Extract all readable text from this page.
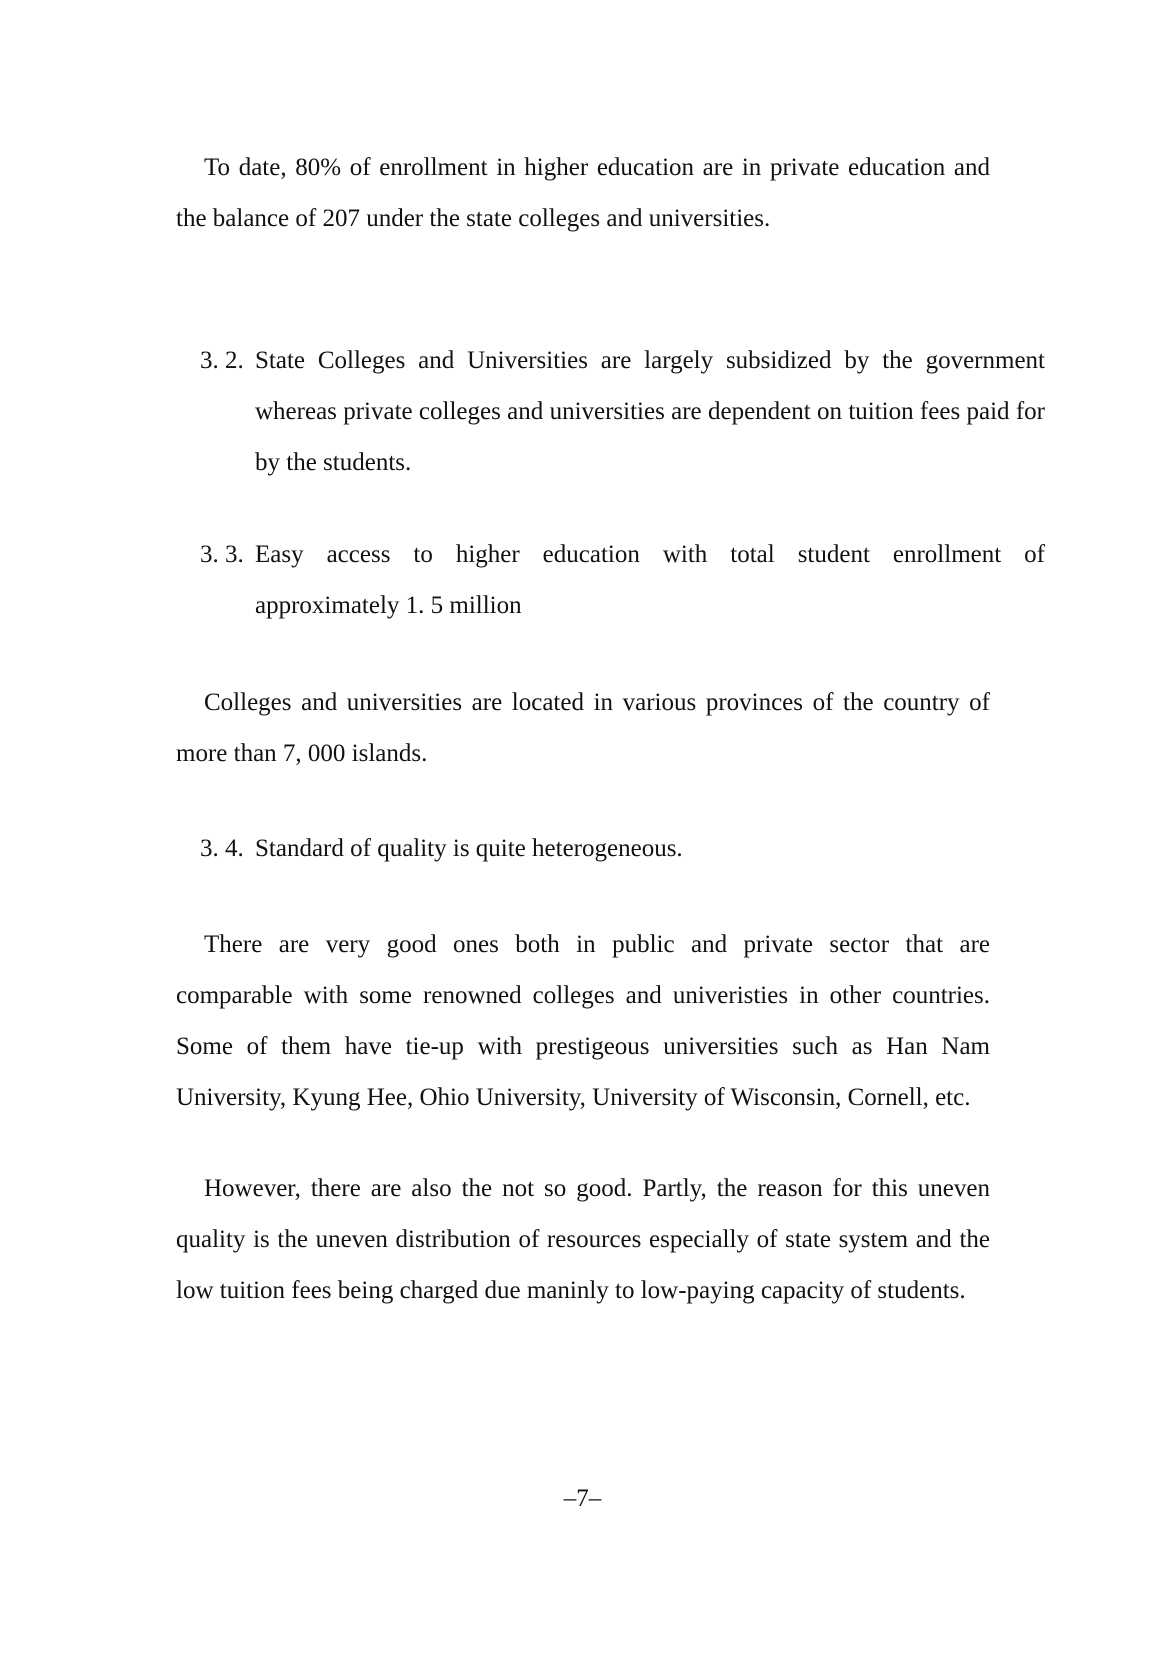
To date, 80% of enrollment in higher education are in private education and the balance of 207 under the state colleges and universities.

3. 2. State Colleges and Universities are largely subsidized by the government whereas private colleges and universities are dependent on tuition fees paid for by the students.

3. 3. Easy access to higher education with total student enrollment of approximately 1. 5 million

Colleges and universities are located in various provinces of the country of more than 7, 000 islands.

3. 4. Standard of quality is quite heterogeneous.

There are very good ones both in public and private sector that are comparable with some renowned colleges and univeristies in other countries. Some of them have tie-up with prestigeous universities such as Han Nam University, Kyung Hee, Ohio University, University of Wisconsin, Cornell, etc.

However, there are also the not so good. Partly, the reason for this uneven quality is the uneven distribution of resources especially of state system and the low tuition fees being charged due maninly to low-paying capacity of students.

–7–
